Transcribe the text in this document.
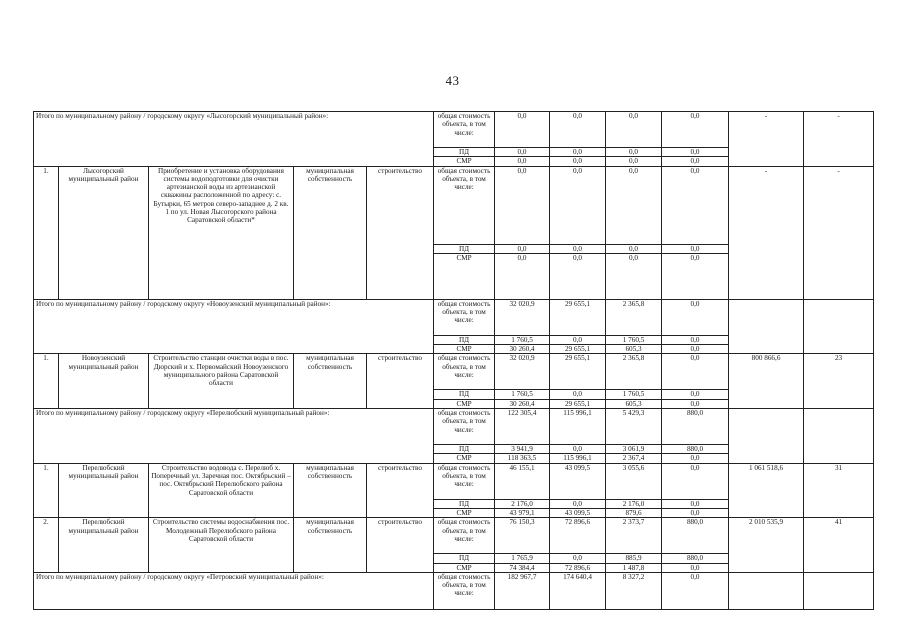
43
Итого по муниципальному району / городскому округу «Лысогорский муниципальный район»:					общая стоимость объекта, в том числе:	0,0	0,0	0,0	0,0	-	-
					ПД	0,0	0,0	0,0	0,0		
					СМР	0,0	0,0	0,0	0,0		
1.	Лысогорский муниципальный район	Приобретение и установка оборудования системы водоподготовки для очистки артезианской воды из артезианской скважины расположенной по адресу: с. Бутырки, 65 метров северо-западнее д. 2 кв. 1 по ул. Новая Лысогорского района Саратовской области*	муниципальная собственность	строительство	общая стоимость объекта, в том числе:	0,0	0,0	0,0	0,0	-	-
					ПД	0,0	0,0	0,0	0,0		
					СМР	0,0	0,0	0,0	0,0		
Итого по муниципальному району / городскому округу «Новоузенский муниципальный район»:					общая стоимость объекта, в том числе:	32 020,9	29 655,1	2 365,8	0,0		
					ПД	1 760,5	0,0	1 760,5	0,0		
					СМР	30 260,4	29 655,1	605,3	0,0		
1.	Новоузенский муниципальный район	Строительство станции очистки воды в пос. Дюрский и х. Первомайский Новоузенского муниципального района Саратовской области	муниципальная собственность	строительство	общая стоимость объекта, в том числе:	32 020,9	29 655,1	2 365,8	0,0	800 866,6	23
					ПД	1 760,5	0,0	1 760,5	0,0		
					СМР	30 260,4	29 655,1	605,3	0,0		
Итого по муниципальному району / городскому округу «Перелюбский муниципальный район»:					общая стоимость объекта, в том числе:	122 305,4	115 996,1	5 429,3	880,0		
					ПД	3 941,9	0,0	3 061,9	880,0		
					СМР	118 363,5	115 996,1	2 367,4	0,0		
1.	Перелюбский муниципальный район	Строительство водовода с. Перелюб х. Поперечный ул. Заречная пос. Октябрьский – пос. Октябрьский Перелюбского района Саратовской области	муниципальная собственность	строительство	общая стоимость объекта, в том числе:	46 155,1	43 099,5	3 055,6	0,0	1 061 518,6	31
					ПД	2 176,0	0,0	2 176,0	0,0		
					СМР	43 979,1	43 099,5	879,6	0,0		
2.	Перелюбский муниципальный район	Строительство системы водоснабжения пос. Молодежный Перелюбского района Саратовской области	муниципальная собственность	строительство	общая стоимость объекта, в том числе:	76 150,3	72 896,6	2 373,7	880,0	2 010 535,9	41
					ПД	1 765,9	0,0	885,9	880,0		
					СМР	74 384,4	72 896,6	1 487,8	0,0		
Итого по муниципальному району / городскому округу «Петровский муниципальный район»:					общая стоимость объекта, в том числе:	182 967,7	174 640,4	8 327,2	0,0		
